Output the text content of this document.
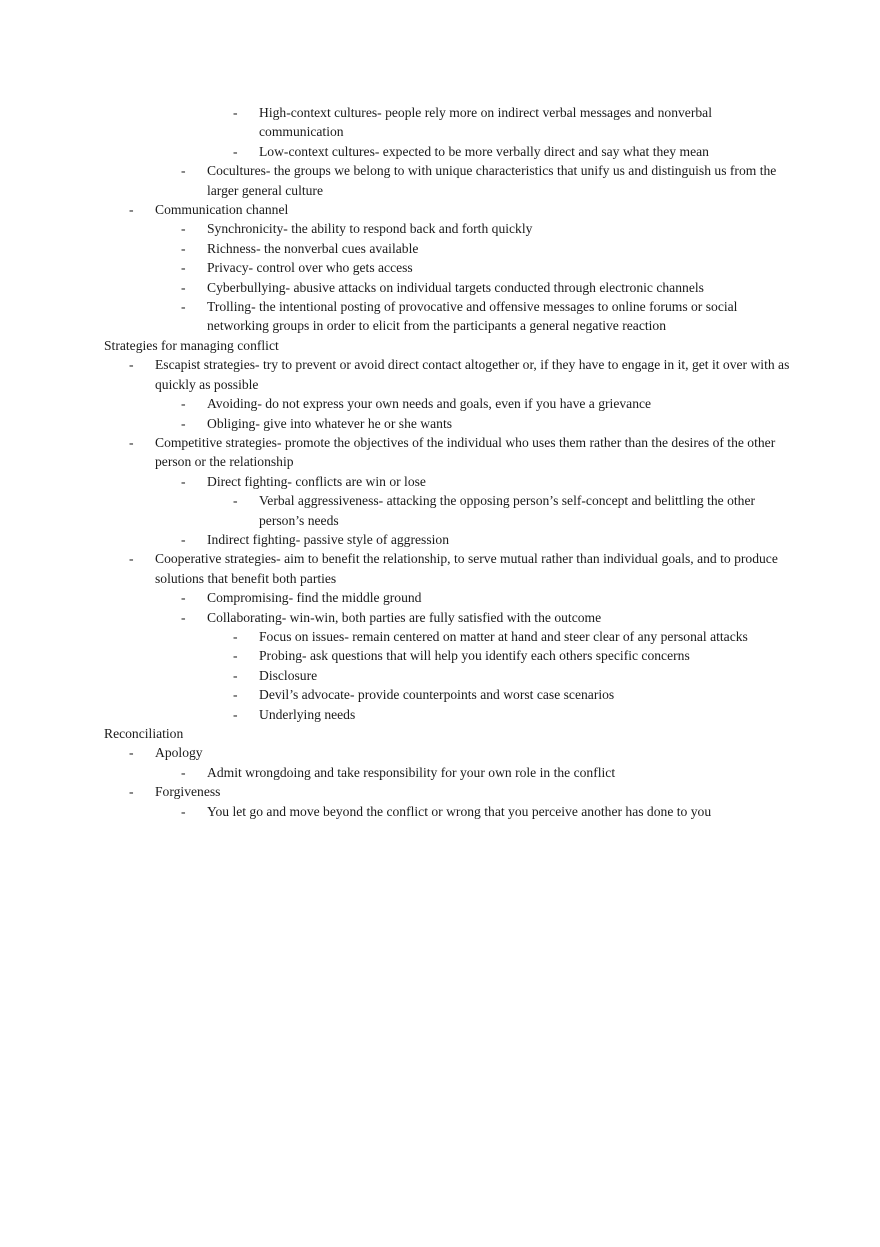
- High-context cultures- people rely more on indirect verbal messages and nonverbal communication
- Low-context cultures- expected to be more verbally direct and say what they mean
- Cocultures- the groups we belong to with unique characteristics that unify us and distinguish us from the larger general culture
- Communication channel
- Synchronicity- the ability to respond back and forth quickly
- Richness- the nonverbal cues available
- Privacy- control over who gets access
- Cyberbullying- abusive attacks on individual targets conducted through electronic channels
- Trolling- the intentional posting of provocative and offensive messages to online forums or social networking groups in order to elicit from the participants a general negative reaction
Strategies for managing conflict
- Escapist strategies- try to prevent or avoid direct contact altogether or, if they have to engage in it, get it over with as quickly as possible
- Avoiding- do not express your own needs and goals, even if you have a grievance
- Obliging- give into whatever he or she wants
- Competitive strategies- promote the objectives of the individual who uses them rather than the desires of the other person or the relationship
- Direct fighting- conflicts are win or lose
- Verbal aggressiveness- attacking the opposing person’s self-concept and belittling the other person’s needs
- Indirect fighting- passive style of aggression
- Cooperative strategies- aim to benefit the relationship, to serve mutual rather than individual goals, and to produce solutions that benefit both parties
- Compromising- find the middle ground
- Collaborating- win-win, both parties are fully satisfied with the outcome
- Focus on issues- remain centered on matter at hand and steer clear of any personal attacks
- Probing- ask questions that will help you identify each others specific concerns
- Disclosure
- Devil’s advocate- provide counterpoints and worst case scenarios
- Underlying needs
Reconciliation
- Apology
- Admit wrongdoing and take responsibility for your own role in the conflict
- Forgiveness
- You let go and move beyond the conflict or wrong that you perceive another has done to you
